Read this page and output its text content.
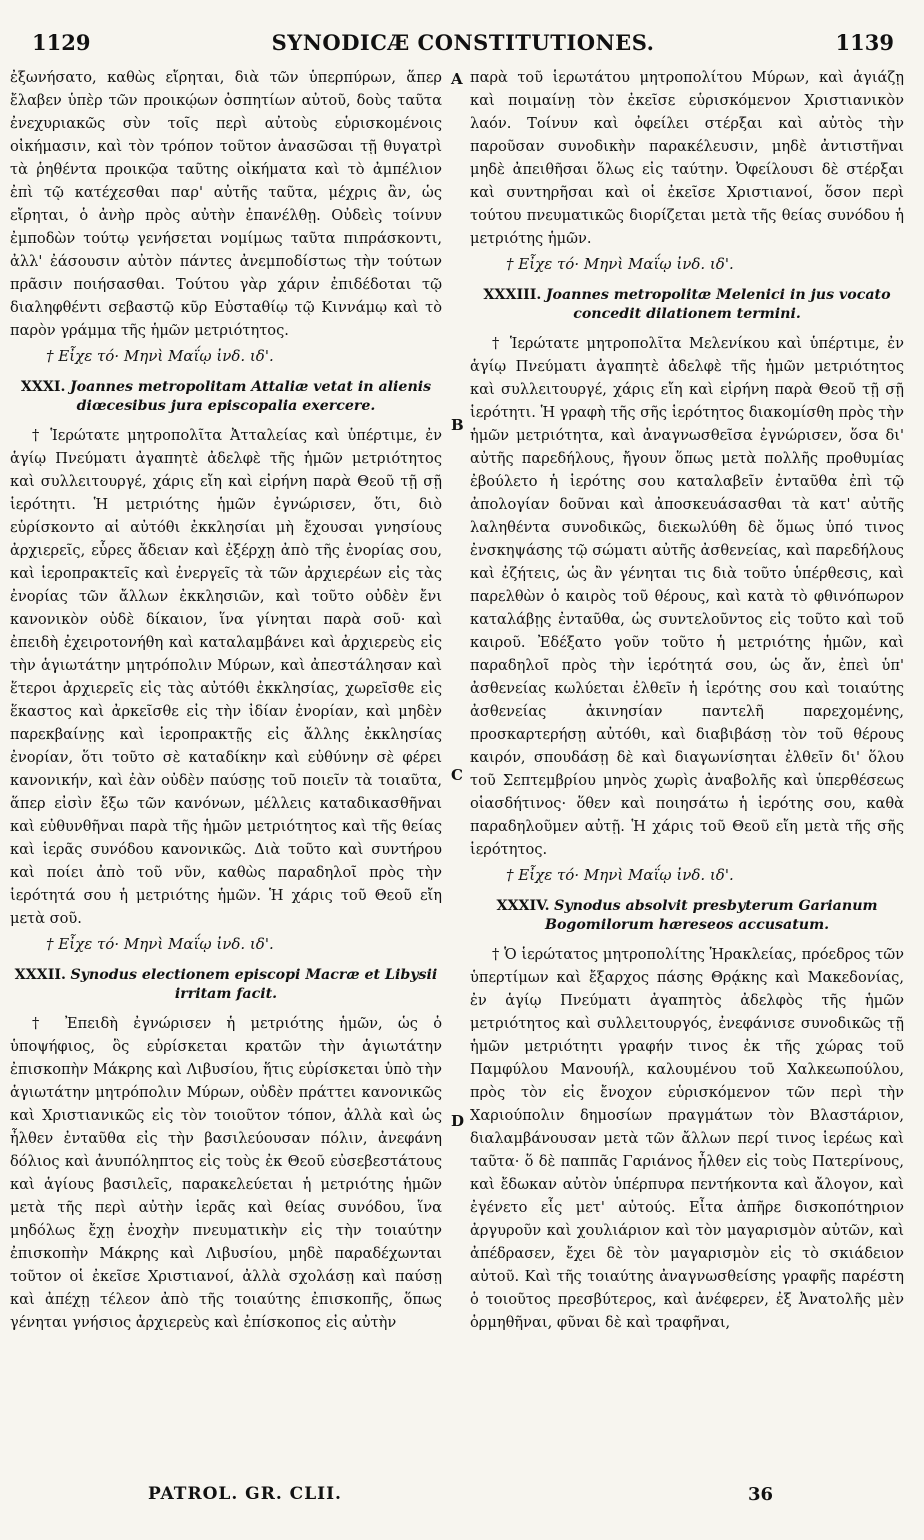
1129	SYNODICÆ CONSTITUTIONES.	1139
A
B
C
D

ἐξωνήσατο, καθὼς εἴρηται, διὰ τῶν ὑπερπύρων, ἅπερ ἔλαβεν ὑπὲρ τῶν προικῴων ὀσπητίων αὐτοῦ, δοὺς ταῦτα ἐνεχυριακῶς σὺν τοῖς περὶ αὐτοὺς εὑρισκομένοις οἰκήμασιν, καὶ τὸν τρόπον τοῦτον ἀνασῶσαι τῇ θυγατρὶ τὰ ῥηθέντα προικῷα ταῦτης οἰκήματα καὶ τὸ ἀμπέλιον ἐπὶ τῷ κατέχεσθαι παρ' αὐτῆς ταῦτα, μέχρις ἂν, ὡς εἴρηται, ὁ ἀνὴρ πρὸς αὐτὴν ἐπανέλθῃ. Οὐδεὶς τοίνυν ἐμποδὼν τούτῳ γενήσεται νομίμως ταῦτα πιπράσκοντι, ἀλλ' ἐάσουσιν αὐτὸν πάντες ἀνεμποδίστως τὴν τούτων πρᾶσιν ποιήσασθαι. Τούτου γὰρ χάριν ἐπιδέδοται τῷ διαληφθέντι σεβαστῷ κῦρ Εὐσταθίῳ τῷ Κιννάμῳ καὶ τὸ παρὸν γράμμα τῆς ἡμῶν μετριότητος.

† Εἶχε τό· Μηνὶ Μαΐῳ ἰνδ. ιδ'.
XXXI. Joannes metropolitam Attaliæ vetat in alienis diœcesibus jura episcopalia exercere.

† Ἱερώτατε μητροπολῖτα Ἀτταλείας καὶ ὑπέρτιμε, ἐν ἁγίῳ Πνεύματι ἀγαπητὲ ἀδελφὲ τῆς ἡμῶν μετριότητος καὶ συλλειτουργέ, χάρις εἴη καὶ εἰρήνη παρὰ Θεοῦ τῇ σῇ ἱερότητι. Ἡ μετριότης ἡμῶν ἐγνώρισεν, ὅτι, διὸ εὑρίσκοντο αἱ αὐτόθι ἐκκλησίαι μὴ ἔχουσαι γνησίους ἀρχιερεῖς, εὗρες ἄδειαν καὶ ἐξέρχῃ ἀπὸ τῆς ἐνορίας σου, καὶ ἱεροπρακτεῖς καὶ ἐνεργεῖς τὰ τῶν ἀρχιερέων εἰς τὰς ἐνορίας τῶν ἄλλων ἐκκλησιῶν, καὶ τοῦτο οὐδὲν ἔνι κανονικὸν οὐδὲ δίκαιον, ἵνα γίνηται παρὰ σοῦ· καὶ ἐπειδὴ ἐχειροτονήθη καὶ καταλαμβάνει καὶ ἀρχιερεὺς εἰς τὴν ἁγιωτάτην μητρόπολιν Μύρων, καὶ ἀπεστάλησαν καὶ ἕτεροι ἀρχιερεῖς εἰς τὰς αὐτόθι ἐκκλησίας, χωρεῖσθε εἰς ἕκαστος καὶ ἀρκεῖσθε εἰς τὴν ἰδίαν ἐνορίαν, καὶ μηδὲν παρεκβαίνῃς καὶ ἱεροπρακτῇς εἰς ἄλλης ἐκκλησίας ἐνορίαν, ὅτι τοῦτο σὲ καταδίκην καὶ εὐθύνην σὲ φέρει κανονικήν, καὶ ἐὰν οὐδὲν παύσῃς τοῦ ποιεῖν τὰ τοιαῦτα, ἅπερ εἰσὶν ἔξω τῶν κανόνων, μέλλεις καταδικασθῆναι καὶ εὐθυνθῆναι παρὰ τῆς ἡμῶν μετριότητος καὶ τῆς θείας καὶ ἱερᾶς συνόδου κανονικῶς. Διὰ τοῦτο καὶ συντήρου καὶ ποίει ἀπὸ τοῦ νῦν, καθὼς παραδηλοῖ πρὸς τὴν ἱερότητά σου ἡ μετριότης ἡμῶν. Ἡ χάρις τοῦ Θεοῦ εἴη μετὰ σοῦ.

† Εἶχε τό· Μηνὶ Μαΐῳ ἰνδ. ιδ'.
XXXII. Synodus electionem episcopi Macræ et Libysii irritam facit.

† Ἐπειδὴ ἐγνώρισεν ἡ μετριότης ἡμῶν, ὡς ὁ ὑποψήφιος, ὃς εὑρίσκεται κρατῶν τὴν ἁγιωτάτην ἐπισκοπὴν Μάκρης καὶ Λιβυσίου, ἥτις εὑρίσκεται ὑπὸ τὴν ἁγιωτάτην μητρόπολιν Μύρων, οὐδὲν πράττει κανονικῶς καὶ Χριστιανικῶς εἰς τὸν τοιοῦτον τόπον, ἀλλὰ καὶ ὡς ἦλθεν ἐνταῦθα εἰς τὴν βασιλεύουσαν πόλιν, ἀνεφάνη δόλιος καὶ ἀνυπόληπτος εἰς τοὺς ἐκ Θεοῦ εὐσεβεστάτους καὶ ἁγίους βασιλεῖς, παρακελεύεται ἡ μετριότης ἡμῶν μετὰ τῆς περὶ αὐτὴν ἱερᾶς καὶ θείας συνόδου, ἵνα μηδόλως ἔχῃ ἐνοχὴν πνευματικὴν εἰς τὴν τοιαύτην ἐπισκοπὴν Μάκρης καὶ Λιβυσίου, μηδὲ παραδέχωνται τοῦτον οἱ ἐκεῖσε Χριστιανοί, ἀλλὰ σχολάσῃ καὶ παύσῃ καὶ ἀπέχῃ τέλεον ἀπὸ τῆς τοιαύτης ἐπισκοπῆς, ὅπως γένηται γνήσιος ἀρχιερεὺς καὶ ἐπίσκοπος εἰς αὐτὴν

παρὰ τοῦ ἱερωτάτου μητροπολίτου Μύρων, καὶ ἁγιάζῃ καὶ ποιμαίνῃ τὸν ἐκεῖσε εὑρισκόμενον Χριστιανικὸν λαόν. Τοίνυν καὶ ὀφείλει στέρξαι καὶ αὐτὸς τὴν παροῦσαν συνοδικὴν παρακέλευσιν, μηδὲ ἀντιστῆναι μηδὲ ἀπειθῆσαι ὅλως εἰς ταύτην. Ὀφείλουσι δὲ στέρξαι καὶ συντηρῆσαι καὶ οἱ ἐκεῖσε Χριστιανοί, ὅσον περὶ τούτου πνευματικῶς διορίζεται μετὰ τῆς θείας συνόδου ἡ μετριότης ἡμῶν.

† Εἶχε τό· Μηνὶ Μαΐῳ ἰνδ. ιδ'.
XXXIII. Joannes metropolitæ Melenici in jus vocato concedit dilationem termini.

† Ἱερώτατε μητροπολῖτα Μελενίκου καὶ ὑπέρτιμε, ἐν ἁγίῳ Πνεύματι ἀγαπητὲ ἀδελφὲ τῆς ἡμῶν μετριότητος καὶ συλλειτουργέ, χάρις εἴη καὶ εἰρήνη παρὰ Θεοῦ τῇ σῇ ἱερότητι. Ἡ γραφὴ τῆς σῆς ἱερότητος διακομίσθη πρὸς τὴν ἡμῶν μετριότητα, καὶ ἀναγνωσθεῖσα ἐγνώρισεν, ὅσα δι' αὐτῆς παρεδήλους, ἤγουν ὅπως μετὰ πολλῆς προθυμίας ἐβούλετο ἡ ἱερότης σου καταλαβεῖν ἐνταῦθα ἐπὶ τῷ ἀπολογίαν δοῦναι καὶ ἀποσκευάσασθαι τὰ κατ' αὐτῆς λαληθέντα συνοδικῶς, διεκωλύθη δὲ ὅμως ὑπό τινος ἐνσκηψάσης τῷ σώματι αὐτῆς ἀσθενείας, καὶ παρεδήλους καὶ ἐζήτεις, ὡς ἂν γένηται τις διὰ τοῦτο ὑπέρθεσις, καὶ παρελθὼν ὁ καιρὸς τοῦ θέρους, καὶ κατὰ τὸ φθινόπωρον καταλάβῃς ἐνταῦθα, ὡς συντελοῦντος εἰς τοῦτο καὶ τοῦ καιροῦ. Ἐδέξατο γοῦν τοῦτο ἡ μετριότης ἡμῶν, καὶ παραδηλοῖ πρὸς τὴν ἱερότητά σου, ὡς ἄν, ἐπεὶ ὑπ' ἀσθενείας κωλύεται ἐλθεῖν ἡ ἱερότης σου καὶ τοιαύτης ἀσθενείας ἀκινησίαν παντελῆ παρεχομένης, προσκαρτερήσῃ αὐτόθι, καὶ διαβιβάσῃ τὸν τοῦ θέρους καιρόν, σπουδάσῃ δὲ καὶ διαγωνίσηται ἐλθεῖν δι' ὅλου τοῦ Σεπτεμβρίου μηνὸς χωρὶς ἀναβολῆς καὶ ὑπερθέσεως οἱασδήτινος· ὅθεν καὶ ποιησάτω ἡ ἱερότης σου, καθὰ παραδηλοῦμεν αὐτῇ. Ἡ χάρις τοῦ Θεοῦ εἴη μετὰ τῆς σῆς ἱερότητος.

† Εἶχε τό· Μηνὶ Μαΐῳ ἰνδ. ιδ'.
XXXIV. Synodus absolvit presbyterum Garianum Bogomilorum hæreseos accusatum.

† Ὁ ἱερώτατος μητροπολίτης Ἡρακλείας, πρόεδρος τῶν ὑπερτίμων καὶ ἔξαρχος πάσης Θρᾴκης καὶ Μακεδονίας, ἐν ἁγίῳ Πνεύματι ἀγαπητὸς ἀδελφὸς τῆς ἡμῶν μετριότητος καὶ συλλειτουργός, ἐνεφάνισε συνοδικῶς τῇ ἡμῶν μετριότητι γραφήν τινος ἐκ τῆς χώρας τοῦ Παμφύλου Μανουήλ, καλουμένου τοῦ Χαλκεωπούλου, πρὸς τὸν εἰς ἔνοχον εὑρισκόμενον τῶν περὶ τὴν Χαριούπολιν δημοσίων πραγμάτων τὸν Βλαστάριον, διαλαμβάνουσαν μετὰ τῶν ἄλλων περί τινος ἱερέως καὶ ταῦτα· ὅ δὲ παππᾶς Γαριάνος ἦλθεν εἰς τοὺς Πατερίνους, καὶ ἔδωκαν αὐτὸν ὑπέρπυρα πεντήκοντα καὶ ἄλογον, καὶ ἐγένετο εἷς μετ' αὐτούς. Εἶτα ἀπῆρε δισκοπότηριον ἀργυροῦν καὶ χουλιάριον καὶ τὸν μαγαρισμὸν αὐτῶν, καὶ ἀπέδρασεν, ἔχει δὲ τὸν μαγαρισμὸν εἰς τὸ σκιάδειον αὐτοῦ. Καὶ τῆς τοιαύτης ἀναγνωσθείσης γραφῆς παρέστη ὁ τοιοῦτος πρεσβύτερος, καὶ ἀνέφερεν, ἐξ Ἀνατολῆς μὲν ὁρμηθῆναι, φῦναι δὲ καὶ τραφῆναι,

PATROL. GR. CLII.	36
